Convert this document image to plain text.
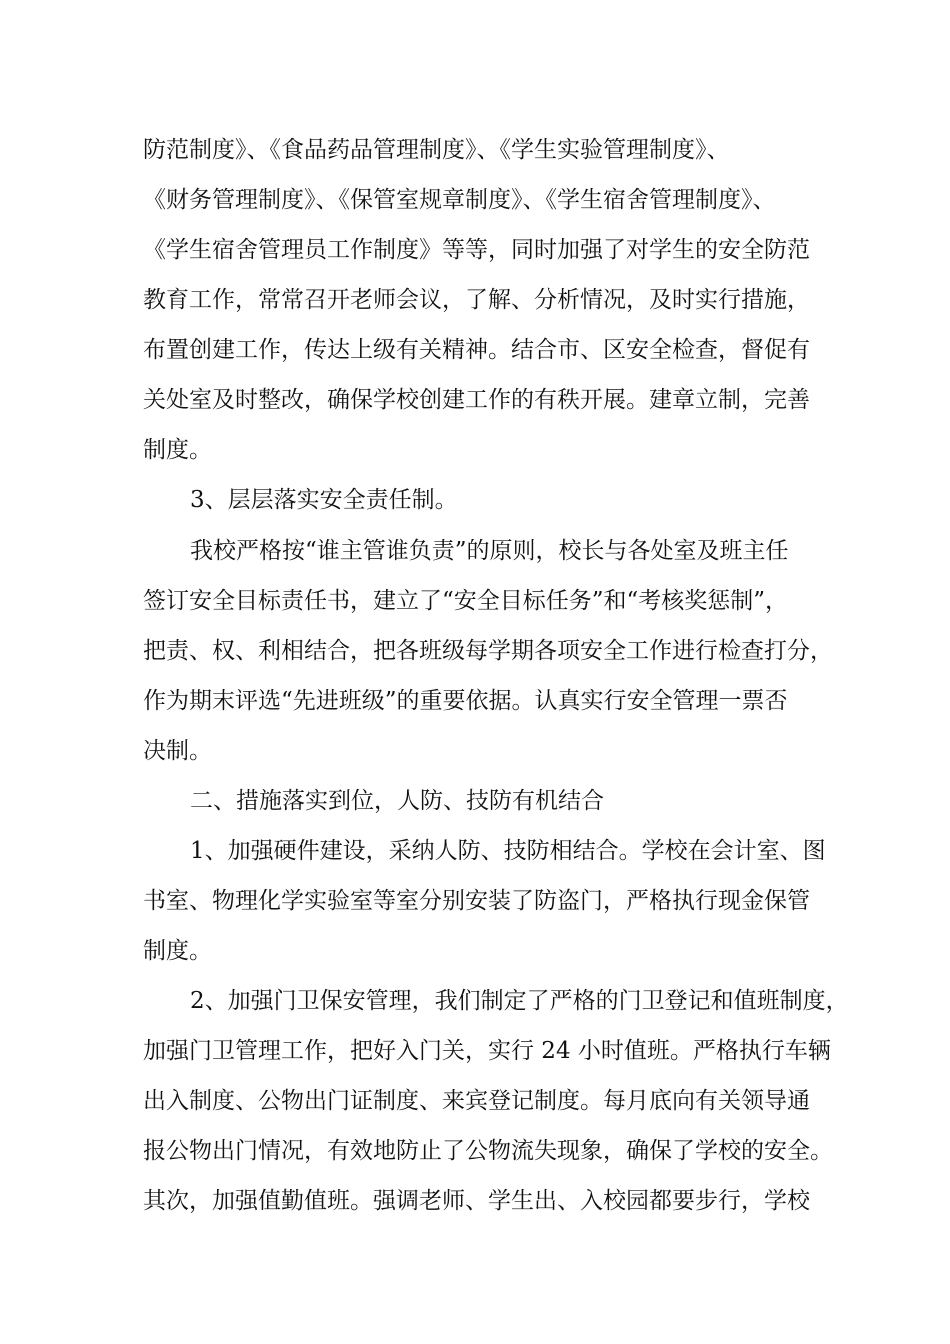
防范制度》、《食品药品管理制度》、《学生实验管理制度》、
《财务管理制度》、《保管室规章制度》、《学生宿舍管理制度》、
《学生宿舍管理员工作制度》等等，同时加强了对学生的安全防范
教育工作，常常召开老师会议，了解、分析情况，及时实行措施，
布置创建工作，传达上级有关精神。结合市、区安全检查，督促有
关处室及时整改，确保学校创建工作的有秩开展。建章立制，完善
制度。
3、层层落实安全责任制。
我校严格按“谁主管谁负责”的原则，校长与各处室及班主任
签订安全目标责任书，建立了“安全目标任务”和“考核奖惩制”，
把责、权、利相结合，把各班级每学期各项安全工作进行检查打分，
作为期末评选“先进班级”的重要依据。认真实行安全管理一票否
决制。
二、措施落实到位，人防、技防有机结合
1、加强硬件建设，采纳人防、技防相结合。学校在会计室、图
书室、物理化学实验室等室分别安装了防盗门，严格执行现金保管
制度。
2、加强门卫保安管理，我们制定了严格的门卫登记和值班制度，
加强门卫管理工作，把好入门关，实行 24 小时值班。严格执行车辆
出入制度、公物出门证制度、来宾登记制度。每月底向有关领导通
报公物出门情况，有效地防止了公物流失现象，确保了学校的安全。
其次，加强值勤值班。强调老师、学生出、入校园都要步行，学校
